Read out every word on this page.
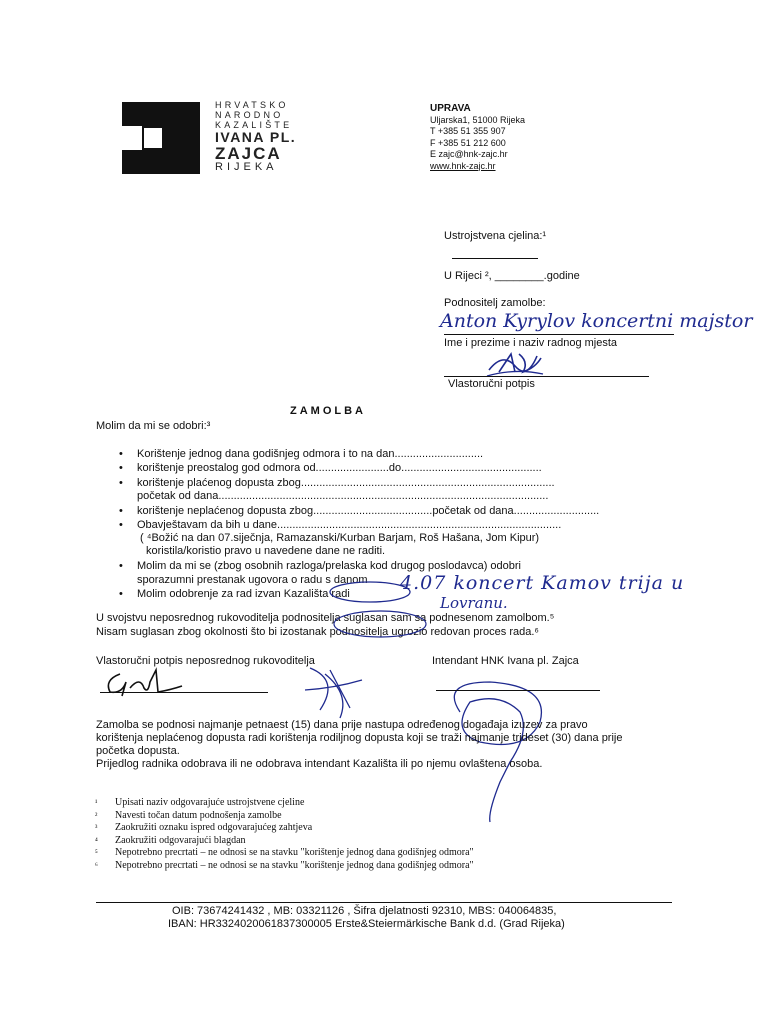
HRVATSKO
NARODNO
KAZALIŠTE
IVANA PL.
ZAJCA
RIJEKA
UPRAVA
Uljarska1, 51000 Rijeka
T +385 51 355 907
F +385 51 212 600
E zajc@hnk-zajc.hr
www.hnk-zajc.hr
Ustrojstvena cjelina:¹
U Rijeci ², ________.godine
Podnositelj zamolbe:
Anton Kyrylov koncertni majstor
Ime i prezime i naziv radnog mjesta
Vlastoručni potpis
ZAMOLBA
Molim da mi se odobri:³
• Korištenje jednog dana godišnjeg odmora i to na dan.............................
• korištenje preostalog god odmora od........................do..............................................
• korištenje plaćenog dopusta zbog...................................................................................
početak od dana............................................................................................................
• korištenje neplaćenog dopusta zbog.......................................početak od dana............................
• Obavještavam da bih u dane.............................................................................................
( ⁴Božić na dan 07.siječnja, Ramazanski/Kurban Barjam, Roš Hašana, Jom Kipur)
koristila/koristio pravo u navedene dane ne raditi.
• Molim da mi se (zbog osobnih razloga/prelaska kod drugog poslodavca) odobri
sporazumni prestanak ugovora o radu s danom
• Molim odobrenje za rad izvan Kazališta radi	4.07 koncert Kamov trija u
Lovranu.
U svojstvu neposrednog rukovoditelja podnositelja suglasan sam sa podnesenom zamolbom.⁵
Nisam suglasan zbog okolnosti što bi izostanak podnositelja ugrozio redovan proces rada.⁶
Vlastoručni potpis neposrednog rukovoditelja	Intendant HNK Ivana pl. Zajca
Zamolba se podnosi najmanje petnaest (15) dana prije nastupa određenog događaja izuzev za pravo
korištenja neplaćenog dopusta radi korištenja rodiljnog dopusta koji se traži najmanje trideset (30) dana prije
početka dopusta.
Prijedlog radnika odobrava ili ne odobrava intendant Kazališta ili po njemu ovlaštena osoba.
¹ Upisati naziv odgovarajuće ustrojstvene cjeline
² Navesti točan datum podnošenja zamolbe
³ Zaokružiti oznaku ispred odgovarajućeg zahtjeva
⁴ Zaokružiti odgovarajući blagdan
⁵ Nepotrebno precrtati – ne odnosi se na stavku "korištenje jednog dana godišnjeg odmora"
⁶ Nepotrebno precrtati – ne odnosi se na stavku "korištenje jednog dana godišnjeg odmora"
OIB: 73674241432 , MB: 03321126 , Šifra djelatnosti 92310, MBS: 040064835,
IBAN: HR3324020061837300005 Erste&Steiermärkische Bank d.d. (Grad Rijeka)
